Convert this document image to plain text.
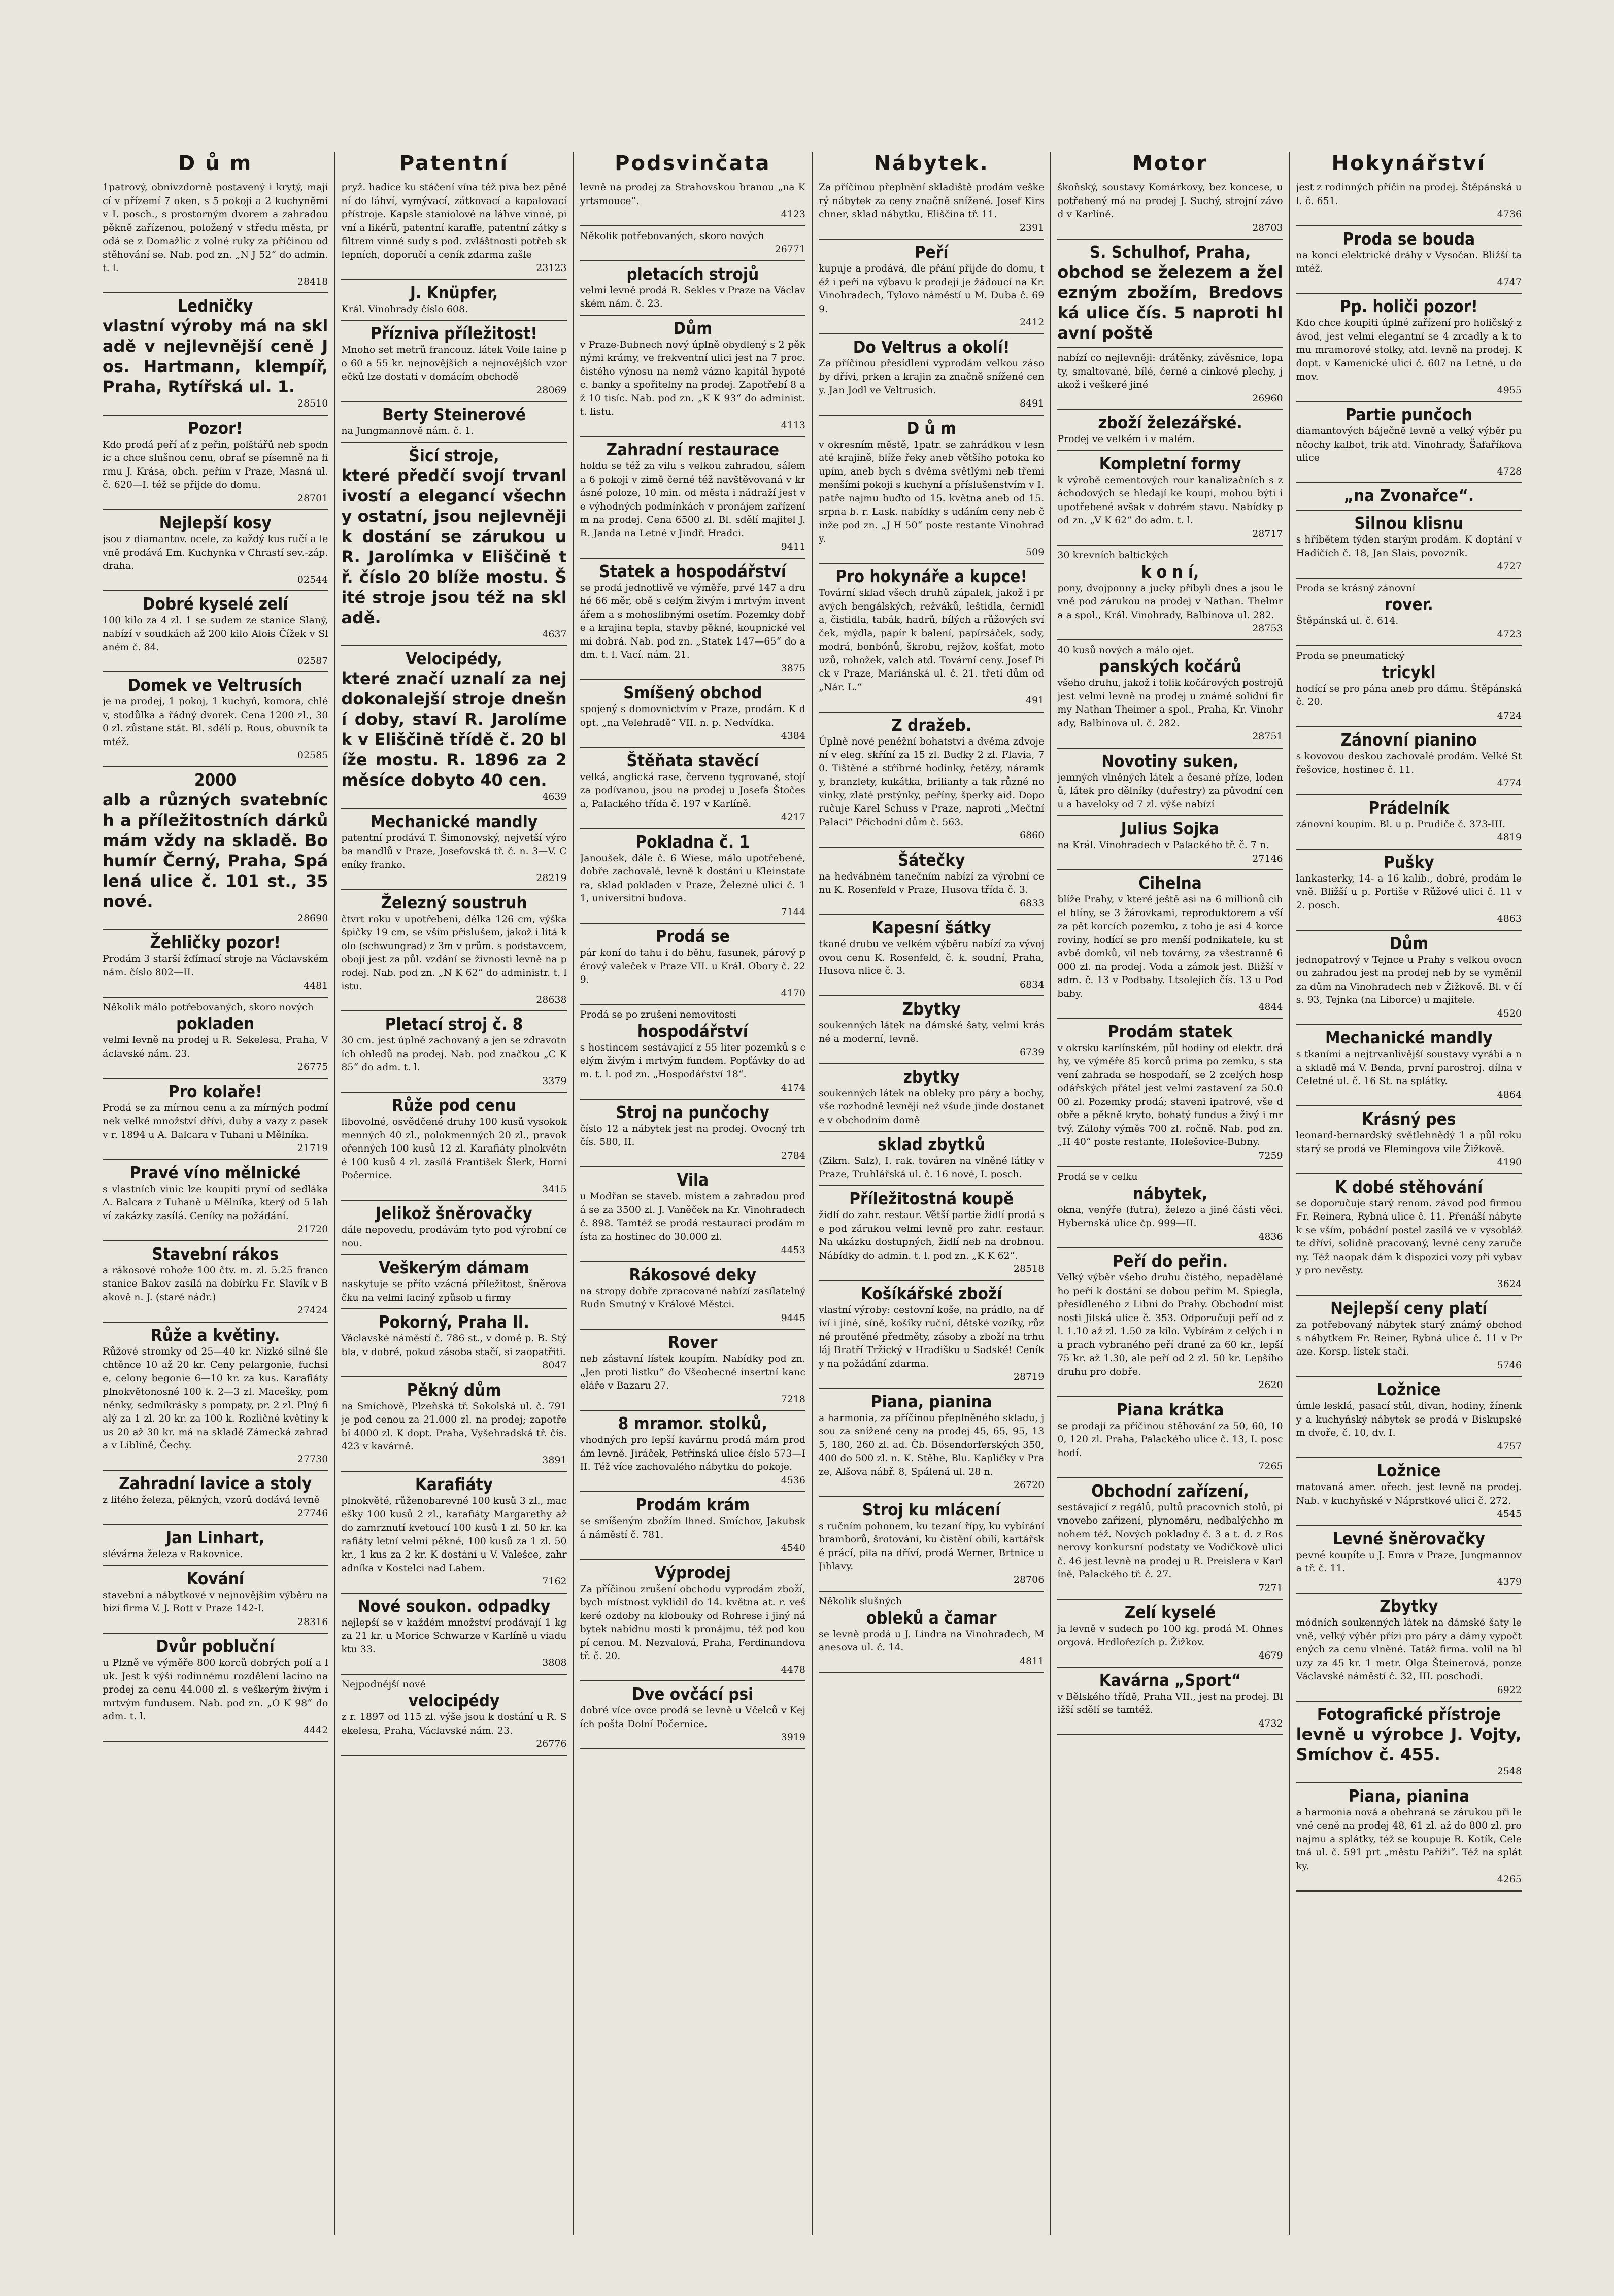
D ů m
1patrový, obnivzdorně postavený i krytý, majicí v přízemí 7 oken, s 5 pokoji a 2 kuchyněmi v I. posch., s prostorným dvorem a zahradou pěkně zařízenou, položený v středu města, prodá se z Domažlic z volné ruky za příčinou odstěhování se. Nab. pod zn. „N J 52“ do admin. t. l.
28418
Ledničky
vlastní výroby má na skladě v nejlevnější ceně Jos. Hartmann, klempíř, Praha, Rytířská ul. 1.
28510
Pozor!
Kdo prodá peří ať z peřin, polštářů neb spodnic a chce slušnou cenu, obrať se písemně na firmu J. Krása, obch. peřím v Praze, Masná ul. č. 620—I. též se přijde do domu.
28701
Nejlepší kosy
jsou z diamantov. ocele, za každý kus ručí a levně prodává Em. Kuchynka v Chrastí sev.-záp. draha.
02544
Dobré kyselé zelí
100 kilo za 4 zl. 1 se sudem ze stanice Slaný, nabízí v soudkách až 200 kilo Alois Čížek v Slaném č. 84.
02587
Domek ve Veltrusích
je na prodej, 1 pokoj, 1 kuchyň, komora, chlév, stodůlka a řádný dvorek. Cena 1200 zl., 300 zl. zůstane stát. Bl. sdělí p. Rous, obuvník tamtéž.
02585
2000
alb a různých svatebních a příležitostních dárků mám vždy na skladě. Bohumír Černý, Praha, Spálená ulice č. 101 st., 35 nové.
28690
Žehličky pozor!
Prodám 3 starší žďímací stroje na Václavském nám. číslo 802—II.
4481
Několik málo potřebovaných, skoro nových
pokladen
velmi levně na prodej u R. Sekelesa, Praha, Václavské nám. 23.
26775
Pro kolaře!
Prodá se za mírnou cenu a za mírných podmínek velké množství dřívi, duby a vazy z pasek v r. 1894 u A. Balcara v Tuhani u Mělníka.
21719
Pravé víno mělnické
s vlastních vinic lze koupiti pryní od sedláka A. Balcara z Tuhaně u Mělníka, který od 5 lahví zakázky zasílá. Ceníky na požádání.
21720
Stavební rákos
a rákosové rohože 100 čtv. m. zl. 5.25 franco stanice Bakov zasílá na dobírku Fr. Slavík v Bakově n. J. (staré nádr.)
27424
Růže a květiny.
Růžové stromky od 25—40 kr. Nízké silné šlechtěnce 10 až 20 kr. Ceny pelargonie, fuchsie, celony begonie 6—10 kr. za kus. Karafiáty plnokvětonosné 100 k. 2—3 zl. Macešky, pomněnky, sedmikrásky s pompaty, pr. 2 zl. Plný fialý za 1 zl. 20 kr. za 100 k. Rozličné květiny kus 20 až 30 kr. má na skladě Zámecká zahrada v Liblíně, Čechy.
27730
Zahradní lavice a stoly
z litého železa, pěkných, vzorů dodává levně
27746
Jan Linhart,
slévárna železa v Rakovnice.
Kování
stavební a nábytkové v nejnovějším výběru nabízí firma V. J. Rott v Praze 142-I.
28316
Dvůr pobluční
u Plzně ve výměře 800 korců dobrých polí a luk. Jest k výši rodinnému rozdělení lacino na prodej za cenu 44.000 zl. s veškerým živým i mrtvým fundusem. Nab. pod zn. „O K 98“ do adm. t. l.
4442
Patentní
pryž. hadice ku stáčení vína též piva bez pěnění do láhví, vymývací, zátkovací a kapalovací přístroje. Kapsle staniolové na láhve vinné, pivní a likérů, patentní karaffe, patentní zátky s filtrem vinné sudy s pod. zvláštnosti potřeb sklepních, doporučí a ceník zdarma zašle
23123
J. Knüpfer,
Král. Vinohrady číslo 608.
Přízniva příležitost!
Mnoho set metrů francouz. látek Voile laine po 60 a 55 kr. nejnovějších a nejnovějších vzorečků lze dostati v domácím obchodě
28069
Berty Steinerové
na Jungmannově nám. č. 1.
Šicí stroje,
které předčí svojí trvanlivostí a elegancí všechny ostatní, jsou nejlevněji k dostání se zárukou u R. Jarolímka v Eliščině tř. číslo 20 blíže mostu. Šité stroje jsou též na skladě.
4637
Velocipédy,
které značí uznalí za nejdokonalejší stroje dnešní doby, staví R. Jarolímek v Eliščině třídě č. 20 blíže mostu. R. 1896 za 2 měsíce dobyto 40 cen.
4639
Mechanické mandly
patentní prodává T. Šimonovský, nejvetší výroba mandlů v Praze, Josefovská tř. č. n. 3—V. Ceníky franko.
28219
Železný soustruh
čtvrt roku v upotřebení, délka 126 cm, výška špičky 19 cm, se vším příslušem, jakož i litá kolo (schwungrad) z 3m v prům. s podstavcem, obojí jest za půl. vzdání se živnosti levně na prodej. Nab. pod zn. „N K 62“ do administr. t. listu.
28638
Pletací stroj č. 8
30 cm. jest úplně zachovaný a jen se zdravotních ohledů na prodej. Nab. pod značkou „C K 85“ do adm. t. l.
3379
Růže pod cenu
libovolné, osvědčené druhy 100 kusů vysokokmenných 40 zl., polokmenných 20 zl., pravokořenných 100 kusů 12 zl. Karafiáty plnokvětné 100 kusů 4 zl. zasílá František Šlerk, Horní Počernice.
3415
Jelikož šněrovačky
dále nepovedu, prodávám tyto pod výrobní cenou.
Veškerým dámam
naskytuje se příto vzácná příležitost, šněrovačku na velmi laciný způsob u firmy
Pokorný, Praha II.
Václavské náměstí č. 786 st., v domě p. B. Stýbla, v dobré, pokud zásoba stačí, si zaopatřiti.
8047
Pěkný dům
na Smíchově, Plzeňská tř. Sokolská ul. č. 791 je pod cenou za 21.000 zl. na prodej; zapotřebí 4000 zl. K dopt. Praha, Vyšehradská tř. čís. 423 v kavárně.
3891
Karafiáty
plnokvěté, růženobarevné 100 kusů 3 zl., macešky 100 kusů 2 zl., karafiáty Margarethy až do zamrznutí kvetoucí 100 kusů 1 zl. 50 kr. karafiáty letní velmi pěkné, 100 kusů za 1 zl. 50 kr., 1 kus za 2 kr. K dostání u V. Valešce, zahradníka v Kostelci nad Labem.
7162
Nové soukon. odpadky
nejlepší se v každém množství prodávají 1 kg za 21 kr. u Morice Schwarze v Karlíně u viaduktu 33.
3808
Nejpodnější nové
velocipédy
z r. 1897 od 115 zl. výše jsou k dostání u R. Sekelesa, Praha, Václavské nám. 23.
26776
Podsvinčata
levně na prodej za Strahovskou branou „na Kyrtsmouce“.
4123
Několik potřebovaných, skoro nových
26771
pletacích strojů
velmi levně prodá R. Sekles v Praze na Václavském nám. č. 23.
Dům
v Praze-Bubnech nový úplně obydlený s 2 pěknými krámy, ve frekventní ulici jest na 7 proc. čistého výnosu na nemž vázno kapitál hypotéc. banky a spořitelny na prodej. Zapotřebí 8 až 10 tisíc. Nab. pod zn. „K K 93“ do administ. t. listu.
4113
Zahradní restaurace
holdu se též za vilu s velkou zahradou, sálem a 6 pokoji v zimě černé též navštěvovaná v krásné poloze, 10 min. od města i nádraží jest ve výhodných podmínkách v pronájem zařízením na prodej. Cena 6500 zl. Bl. sdělí majitel J. R. Janda na Letné v Jindř. Hradci.
9411
Statek a hospodářství
se prodá jednotlivě ve výměře, prvé 147 a druhé 66 měr, obě s celým živým i mrtvým inventářem a s mohoslibnými osetím. Pozemky dobře a krajina tepla, stavby pěkné, koupnické velmi dobrá. Nab. pod zn. „Statek 147—65“ do adm. t. l. Vací. nám. 21.
3875
Smíšený obchod
spojený s domovnictvím v Praze, prodám. K dopt. „na Velehradě“ VII. n. p. Nedvídka.
4384
Štěňata stavěcí
velká, anglická rase, červeno tygrované, stojí za podívanou, jsou na prodej u Josefa Štočesa, Palackého třída č. 197 v Karlíně.
4217
Pokladna č. 1
Janoušek, dále č. 6 Wiese, málo upotřebené, dobře zachovalé, levně k dostání u Kleinstatera, sklad pokladen v Praze, Železné ulici č. 11, universitní budova.
7144
Prodá se
pár koní do tahu i do běhu, fasunek, párový pérový valeček v Praze VII. u Král. Obory č. 229.
4170
Prodá se po zrušení nemovitosti
hospodářství
s hostincem sestávající z 55 liter pozemků s celým živým i mrtvým fundem. Popťávky do adm. t. l. pod zn. „Hospodářství 18“.
4174
Stroj na punčochy
číslo 12 a nábytek jest na prodej. Ovocný trh čís. 580, II.
2784
Vila
u Modřan se staveb. místem a zahradou prodá se za 3500 zl. J. Vaněček na Kr. Vinohradech č. 898. Tamtéž se prodá restaurací prodám místa za hostinec do 30.000 zl.
4453
Rákosové deky
na stropy dobře zpracované nabízí zasílatelný Rudn Smutný v Králové Městci.
9445
Rover
neb zástavní lístek koupím. Nabídky pod zn. „Jen proti listku“ do Všeobecné insertní kanceláře v Bazaru 27.
7218
8 mramor. stolků,
vhodných pro lepší kavárnu prodá mám prodám levně. Jiráček, Petřínská ulice číslo 573—III. Též více zachovalého nábytku do pokoje.
4536
Prodám krám
se smíšeným zbožím lhned. Smíchov, Jakubská náměstí č. 781.
4540
Výprodej
Za příčinou zrušení obchodu vyprodám zboží, bych místnost vyklidil do 14. května at. r. veškeré ozdoby na klobouky od Rohrese i jiný nábytek nabídnu mosti k pronájmu, též pod koupí cenou. M. Nezvalová, Praha, Ferdinandova tř. č. 20.
4478
Dve ovčácí psi
dobré více ovce prodá se levně u Včelců v Kejích pošta Dolní Počernice.
3919
Nábytek.
Za příčinou přeplnění skladiště prodám veškerý nábytek za ceny značně snížené. Josef Kirschner, sklad nábytku, Eliščina tř. 11.
2391
Peří
kupuje a prodává, dle přání přijde do domu, též i peří na výbavu k prodeji je žádoucí na Kr. Vinohradech, Tylovo náměstí u M. Duba č. 699.
2412
Do Veltrus a okolí!
Za příčinou přesídlení vyprodám velkou zásoby dřívi, prken a krajin za značně snížené ceny. Jan Jodl ve Veltrusích.
8491
D ů m
v okresním městě, 1patr. se zahrádkou v lesnaté krajině, blíže řeky aneb většího potoka koupím, aneb bych s dvěma světlými neb třemi menšími pokoji s kuchyní a příslušenstvím v I. patře najmu buďto od 15. května aneb od 15. srpna b. r. Lask. nabídky s udáním ceny neb činže pod zn. „J H 50“ poste restante Vinohrady.
509
Pro hokynáře a kupce!
Tovární sklad všech druhů zápalek, jakož i pravých bengálských, režváků, leštidla, černidla, čistidla, tabák, hadrů, bílých a růžových svíček, mýdla, papír k balení, papírsáček, sody, modrá, bonbónů, škrobu, rejžov, košťat, motouzů, rohožek, valch atd. Tovární ceny. Josef Pick v Praze, Mariánská ul. č. 21. třetí dům od „Nár. L.“
491
Z dražeb.
Úplně nové peněžní bohatství a dvěma zdvojení v eleg. skříní za 15 zl. Buďky 2 zl. Flavia, 70. Tištěné a stříbrné hodinky, řetězy, náramky, branzlety, kukátka, brilianty a tak různé novinky, zlaté prstýnky, peříny, šperky aid. Doporučuje Karel Schuss v Praze, naproti „Mečtní Palaci“ Příchodní dům č. 563.
6860
Šátečky
na hedvábném tanečním nabízí za výrobní cenu K. Rosenfeld v Praze, Husova třída č. 3.
6833
Kapesní šátky
tkané drubu ve velkém výběru nabízí za vývojovou cenu K. Rosenfeld, č. k. soudní, Praha, Husova nlice č. 3.
6834
Zbytky
soukenných látek na dámské šaty, velmi krásné a moderní, levně.
6739
zbytky
soukenných látek na obleky pro páry a bochy, vše rozhodně levněji než všude jinde dostanete v obchodním domě
sklad zbytků
(Zikm. Salz), I. rak. továren na vlněné látky v Praze, Truhlářská ul. č. 16 nové, I. posch.
Příležitostná koupě
židlí do zahr. restaur. Větší partie židlí prodá se pod zárukou velmi levně pro zahr. restaur. Na ukázku dostupných, židlí neb na drobnou. Nábídky do admin. t. l. pod zn. „K K 62“.
28518
Košíkářské zboží
vlastní výroby: cestovní koše, na prádlo, na dříví i jiné, síně, košíky ruční, dětské vozíky, různé proutěné předměty, zásoby a zboží na trhu láj Bratří Tržický v Hradišku u Sadské! Ceníky na požádání zdarma.
28719
Piana, pianina
a harmonia, za příčinou přeplněného skladu, jsou za snížené ceny na prodej 45, 65, 95, 135, 180, 260 zl. ad. Čb. Bösendorferských 350, 400 do 500 zl. n. K. Stěhe, Blu. Kapličky v Praze, Alšova nábř. 8, Spálená ul. 28 n.
26720
Stroj ku mlácení
s ručním pohonem, ku tezaní řípy, ku vybírání bramborů, šrotování, ku čistění obilí, kartářské prácí, pila na dříví, prodá Werner, Brtnice u Jihlavy.
28706
Několik slušných
obleků a čamar
se levně prodá u J. Lindra na Vinohradech, Manesova ul. č. 14.
4811
Motor
škoňský, soustavy Komárkovy, bez koncese, upotřebený má na prodej J. Suchý, strojní závod v Karlíně.
28703
S. Schulhof, Praha,
obchod se železem a železným zbožím, Bredovská ulice čís. 5 naproti hlavní poště
nabízí co nejlevněji: drátěnky, závěsnice, lopaty, smaltované, bílé, černé a cinkové plechy, jakož i veškeré jiné
26960
zboží železářské.
Prodej ve velkém i v malém.
Kompletní formy
k výrobě cementových rour kanalizačních s záchodových se hledají ke koupi, mohou býti i upotřebené avšak v dobrém stavu. Nabídky pod zn. „V K 62“ do adm. t. l.
28717
30 krevních baltických
k o n í,
pony, dvojponny a jucky přibyli dnes a jsou levně pod zárukou na prodej v Nathan. Thelmra a spol., Král. Vinohrady, Balbínova ul. 282.
28753
40 kusů nových a málo ojet.
panských kočárů
všeho druhu, jakož i tolik kočárových postrojů jest velmi levně na prodej u známé solidní firmy Nathan Theimer a spol., Praha, Kr. Vinohrady, Balbínova ul. č. 282.
28751
Novotiny suken,
jemných vlněných látek a česané příze, lodenů, látek pro dělníky (duřestry) za původní cenu a haveloky od 7 zl. výše nabízí
Julius Sojka
na Král. Vinohradech v Palackého tř. č. 7 n.
27146
Cihelna
blíže Prahy, v které ještě asi na 6 millionů cihel hlíny, se 3 žárovkami, reproduktorem a vší za pět korcích pozemku, z toho je asi 4 korce roviny, hodící se pro menší podnikatele, ku stavbě domků, vil neb továrny, za všestranně 6000 zl. na prodej. Voda a zámok jest. Bližší v adm. č. 13 v Podbaby. Ltsolejich čís. 13 u Podbaby.
4844
Prodám statek
v okrsku karlínském, půl hodiny od elektr. dráhy, ve výměře 85 korců prima po zemku, s stavení zahrada se hospodaří, se 2 zcelých hospodářských přátel jest velmi zastavení za 50.000 zl. Pozemky prodá; staveni ipatrové, vše dobře a pěkně kryto, bohatý fundus a živý i mrtvý. Zálohy výměs 700 zl. ročně. Nab. pod zn. „H 40“ poste restante, Holešovice-Bubny.
7259
Prodá se v celku
nábytek,
okna, venýře (futra), železo a jiné části věci. Hybernská ulice čp. 999—II.
4836
Peří do peřin.
Velký výběr všeho druhu čistého, nepadělaného peří k dostání se dobou peřím M. Spiegla, přesídleného z Libni do Prahy. Obchodní místnosti Jilská ulice č. 353. Odporučuji peří od zl. 1.10 až zl. 1.50 za kilo. Vybírám z celých i na prach vybraného peří drané za 60 kr., lepší 75 kr. až 1.30, ale peří od 2 zl. 50 kr. Lepšího druhu pro dobře.
2620
Piana krátka
se prodají za příčinou stěhování za 50, 60, 100, 120 zl. Praha, Palackého ulice č. 13, I. poschodí.
7265
Obchodní zařízení,
sestávající z regálů, pultů pracovních stolů, pivnovebo zařízení, plynoměru, nedbalýchho mnohem též. Nových pokladny č. 3 a t. d. z Rosnerovy konkursní podstaty ve Vodičkově ulici č. 46 jest levně na prodej u R. Preislera v Karlíně, Palackého tř. č. 27.
7271
Zelí kyselé
ja levně v sudech po 100 kg. prodá M. Ohnesorgová. Hrdlořezích p. Žižkov.
4679
Kavárna „Sport“
v Bělského třídě, Praha VII., jest na prodej. Bližší sdělí se tamtéž.
4732
Hokynářství
jest z rodinných příčin na prodej. Štěpánská ul. č. 651.
4736
Proda se bouda
na konci elektrické dráhy v Vysočan. Bližší tamtéž.
4747
Pp. holiči pozor!
Kdo chce koupiti úplné zařízení pro holičský závod, jest velmi elegantní se 4 zrcadly a k tomu mramorové stolky, atd. levně na prodej. K dopt. v Kamenické ulici č. 607 na Letné, u domov.
4955
Partie punčoch
diamantových báječně levně a velký výběr punčochy kalbot, trik atd. Vinohrady, Šafaříkova ulice
4728
„na Zvonařce“.
Silnou klisnu
s hříbětem týden starým prodám. K doptání v Hadíčích č. 18, Jan Slais, povozník.
4727
Proda se krásný zánovní
rover.
Štěpánská ul. č. 614.
4723
Proda se pneumatický
tricykl
hodící se pro pána aneb pro dámu. Štěpánská č. 20.
4724
Zánovní pianino
s kovovou deskou zachovalé prodám. Velké Střešovice, hostinec č. 11.
4774
Prádelník
zánovní koupím. Bl. u p. Prudiče č. 373-III.
4819
Pušky
lankasterky, 14- a 16 kalib., dobré, prodám levně. Bližší u p. Portiše v Růžové ulici č. 11 v 2. posch.
4863
Dům
jednopatrový v Tejnce u Prahy s velkou ovocnou zahradou jest na prodej neb by se vyměnil za dům na Vinohradech neb v Žižkově. Bl. v čís. 93, Tejnka (na Liborce) u majitele.
4520
Mechanické mandly
s tkaními a nejtrvanlivější soustavy vyrábí a na skladě má V. Benda, první parostroj. dílna v Celetné ul. č. 16 St. na splátky.
4864
Krásný pes
leonard-bernardský světlehnědý 1 a půl roku starý se prodá ve Flemingova vile Žižkově.
4190
K dobé stěhování
se doporučuje starý renom. závod pod firmou Fr. Reinera, Rybná ulice č. 11. Přenáší nábytek se vším, pobádní postel zasílá ve v vysoblážte dříví, solidně pracovaný, levné ceny zaručeny. Též naopak dám k dispozici vozy při vybavy pro nevěsty.
3624
Nejlepší ceny platí
za potřebovaný nábytek starý známý obchod s nábytkem Fr. Reiner, Rybná ulice č. 11 v Praze. Korsp. lístek stačí.
5746
Ložnice
úmle lesklá, pasací stůl, divan, hodiny, žínenky a kuchyňský nábytek se prodá v Biskupském dvoře, č. 10, dv. I.
4757
Ložnice
matovaná amer. ořech. jest levně na prodej. Nab. v kuchyňské v Náprstkové ulici č. 272.
4545
Levné šněrovačky
pevné koupíte u J. Emra v Praze, Jungmannova tř. č. 11.
4379
Zbytky
módních soukenných látek na dámské šaty levně, velký výběr přízi pro páry a dámy vypočtených za cenu vlněné. Tatáž firma. volíl na bluzy za 45 kr. 1 metr. Olga Šteinerová, ponze Václavské náměstí č. 32, III. poschodí.
6922
Fotografické přístroje
levně u výrobce J. Vojty, Smíchov č. 455.
2548
Piana, pianina
a harmonia nová a obehraná se zárukou při levné ceně na prodej 48, 61 zl. až do 800 zl. pronajmu a splátky, též se koupuje R. Kotík, Celetná ul. č. 591 prt „městu Paříži“. Též na splátky.
4265
